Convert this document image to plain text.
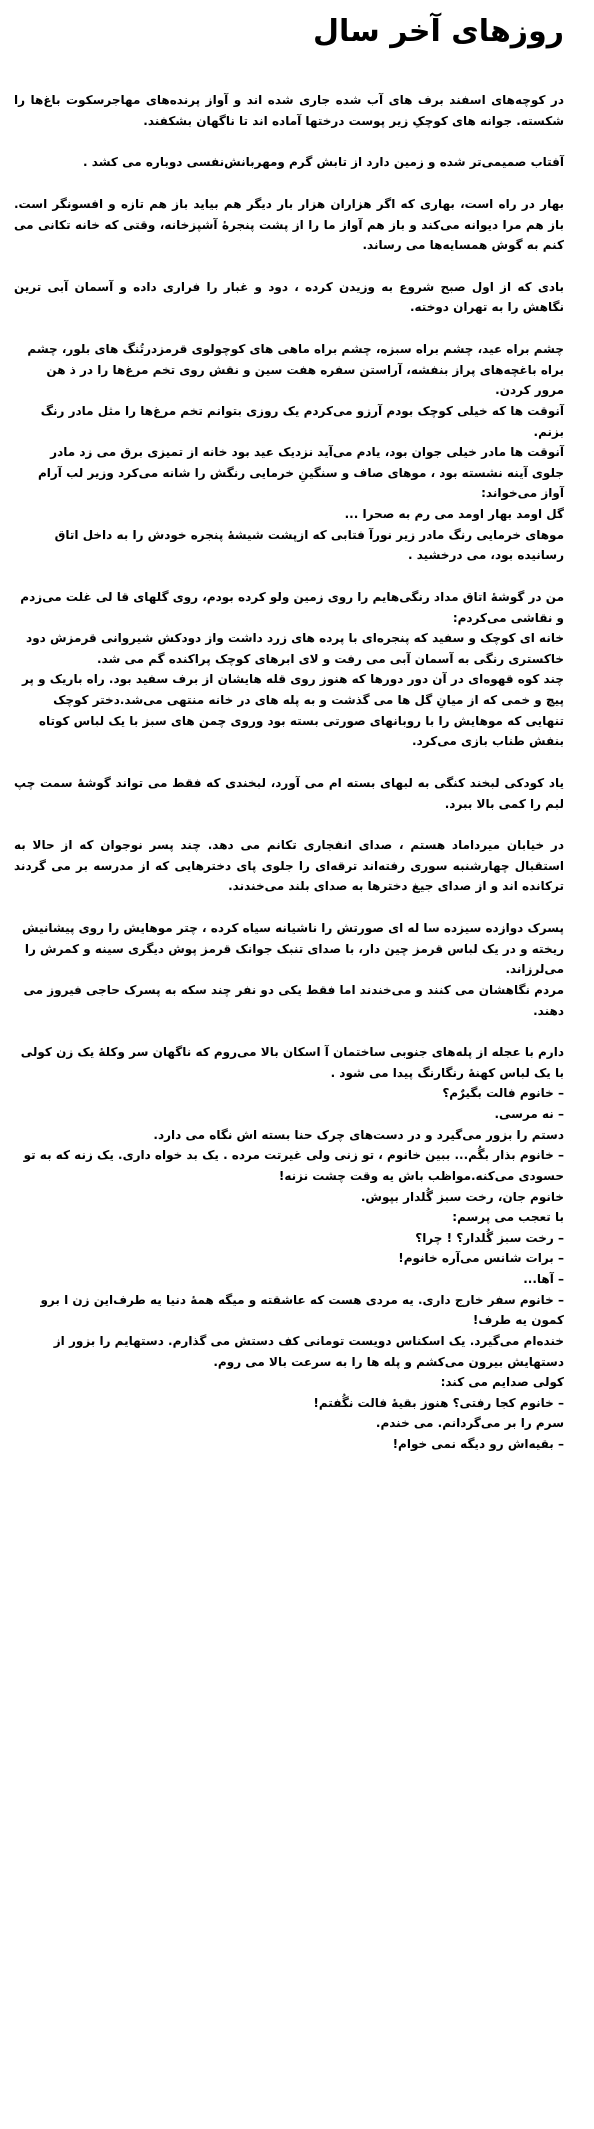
روزهای آخر سال
در کوچه‌های اسفند برف های آب شده جاری شده اند و آواز پرنده‌های مهاجرسکوت باغ‌ها را شکسته. جوانه های کوچکِ زیر پوست درختها آماده اند تا ناگهان بشکفند.
آفتاب صمیمی‌تر شده و زمین دارد از تابش گرم ومهربانش‌نفسی دوباره می کشد .
بهار در راه است، بهاری که اگر هزاران هزار بار دیگر هم بیاید باز هم تازه و افسونگر است. باز هم مرا دیوانه می‌کند و باز هم آواز ما را از پشت پنجرۀ آشپزخانه، وقتی که خانه تکانی می کنم به گوش همسایه‌ها می رساند.
بادی که از اول صبح شروع به وزیدن کرده ، دود و غبار را فراری داده و آسمان آبی ترین نگاهش را به تهران دوخته.
چشم براه عید، چشم براه سبزه، چشم براه ماهی های کوچولوی قرمزدرتُنگ های بلور، چشم براه باغچه‌های پراز بنفشه، آراستن سفره هفت سین و نقش روی تخم مرغ‌ها را در ذ هن مرور کردن.
آنوقت ها که خیلی کوچک بودم آرزو می‌کردم یک روزی بتوانم تخم مرغ‌ها را مثل مادر رنگ بزنم.
آنوقت ها مادر خیلی جوان بود، یادم می‌آید نزدیک عید بود خانه از تمیزی برق می زد مادر جلوی آینه نشسته بود ، موهای صاف و سنگینِ خرمایی رنگش را شانه می‌کرد وزیر لب آرام آواز می‌خواند:
گل اومد بهار اومد می رم به صحرا ...
موهای خرمایی رنگ مادر زیر نورآ فتابی که ازپشت شیشۀ پنجره خودش را به داخل اتاق رسانیده بود، می درخشید .
من در گوشۀ اتاق مداد رنگی‌هایم را روی زمین ولو کرده بودم، روی گلهای قا لی غلت می‌زدم و نقاشی می‌کردم:
خانه ای کوچک و سفید که پنجره‌ای با پرده های زرد داشت واز دودکش شیروانی قرمزش دود خاکستری رنگی به آسمان آبی می رفت و لای ابرهای کوچک پراکنده گم می شد.
چند کوه قهوه‌ای در آن دور دورها که هنوز روی قله هایشان از برف سفید بود. راه باریک و پر پیچ و خمی که از میانِ گل ها می گذشت و به پله های در خانه منتهی می‌شد.دختر کوچک تنهایی که موهایش را با روبانهای صورتی بسته بود وروی چمن های سبز با یک لباس کوتاه بنفش طناب بازی می‌کرد.
یاد کودکی لبخند کنگی به لبهای بسته ام می آورد، لبخندی که فقط می تواند گوشۀ سمت چپ لبم را کمی بالا ببرد.
در خیابان میرداماد هستم ، صدای انفجاری تکانم می دهد. چند پسر نوجوان که از حالا به استقبال چهارشنبه سوری رفته‌اند ترقه‌ای را جلوی پای دخترهایی که از مدرسه بر می گردند ترکانده اند و از صدای جیغ دخترها به صدای بلند می‌خندند.
پسرک دوازده سیزده سا له ای صورتش را ناشیانه سیاه کرده ، چتر موهایش را روی پیشانیش ریخته و در یک لباس قرمز چین دار، با صدای تنبک جوانک قرمز پوش دیگری سینه و کمرش را می‌لرزاند.
مردم نگاهشان می کنند و می‌خندند اما فقط یکی دو نفر چند سکه به پسرک حاجی فیروز می دهند.
دارم با عجله از پله‌های جنوبی ساختمان آ اسکان بالا می‌روم که ناگهان سر وکلۀ یک زن کولی با یک لباس کهنۀ رنگارنگ پیدا می شود .
– خانوم فالت بگیرٌم؟
– نه مرسی.
دستم را بزور می‌گیرد و در دست‌های چرک حنا بسته اش نگاه می دارد.
– خانوم بذار بگُم... ببین خانوم ، تو زنی ولی غیرتت مرده . یک بد خواه داری. یک زنه که به تو حسودی می‌کنه.مواظب باش یه وقت چشت نزنه!
خانوم جان، رخت سبز گُلدار بپوش.
با تعجب می پرسم:
– رخت سبز گُلدار؟ ! چرا؟
– برات شانس می‌آره خانوم!
– آها...
– خانوم سفر خارج داری. یه مردی هست که عاشقته و میگه همۀ دنیا یه طرف‌این زن ا برو کمون یه طرف!
خنده‌ام می‌گیرد. یک اسکناس دویست تومانی کف دستش می گذارم. دستهایم را بزور از دستهایش بیرون می‌کشم و پله ها را به سرعت بالا می روم.
کولی صدایم می کند:
– خانوم کجا رفتی؟ هنوز بقیۀ فالت نگُفتم!
سرم را بر می‌گردانم. می خندم.
– بقیه‌اش رو دیگه نمی خوام!
